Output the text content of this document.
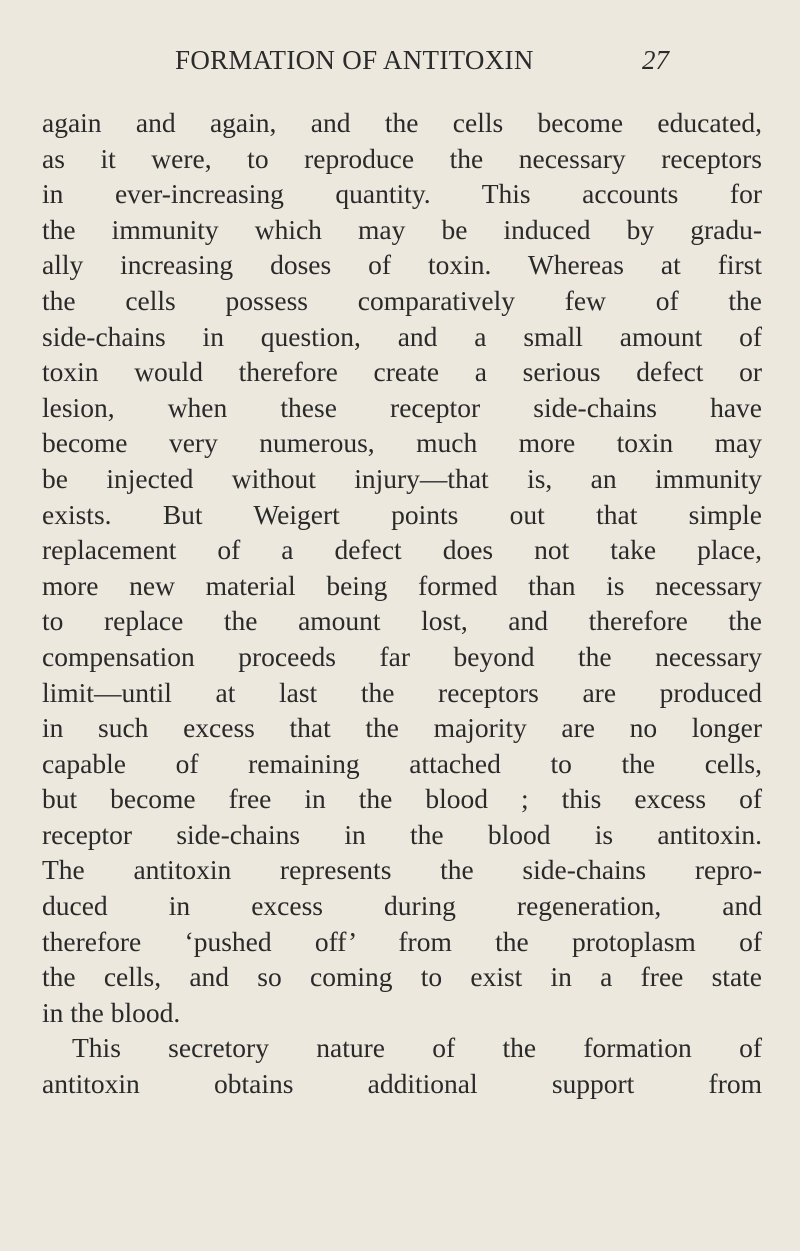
FORMATION OF ANTITOXIN	27
again and again, and the cells become educated,
as it were, to reproduce the necessary receptors
in ever-increasing quantity. This accounts for
the immunity which may be induced by gradu-
ally increasing doses of toxin. Whereas at first
the cells possess comparatively few of the
side-chains in question, and a small amount of
toxin would therefore create a serious defect or
lesion, when these receptor side-chains have
become very numerous, much more toxin may
be injected without injury—that is, an immunity
exists. But Weigert points out that simple
replacement of a defect does not take place,
more new material being formed than is necessary
to replace the amount lost, and therefore the
compensation proceeds far beyond the necessary
limit—until at last the receptors are produced
in such excess that the majority are no longer
capable of remaining attached to the cells,
but become free in the blood ; this excess of
receptor side-chains in the blood is antitoxin.
The antitoxin represents the side-chains repro-
duced in excess during regeneration, and
therefore ‘pushed off’ from the protoplasm of
the cells, and so coming to exist in a free state
in the blood.
This secretory nature of the formation of
antitoxin obtains additional support from
